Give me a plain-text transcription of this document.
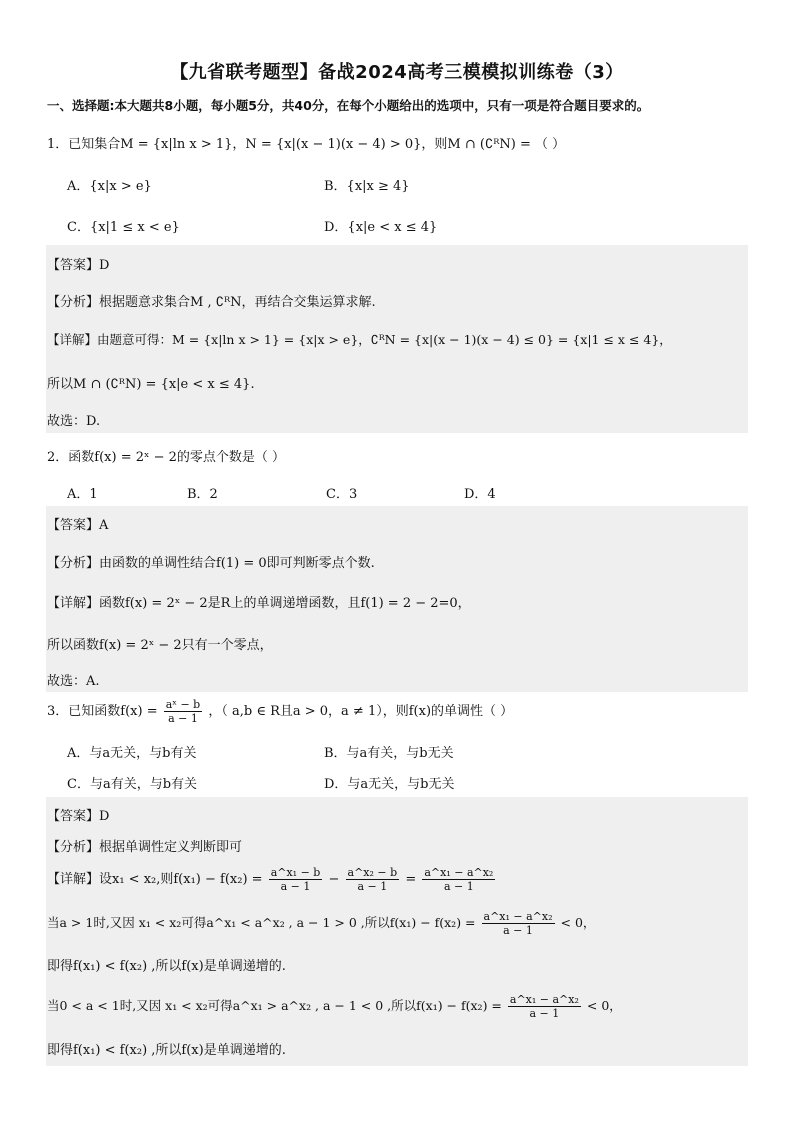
【九省联考题型】备战2024高考三模模拟训练卷（3）
一、选择题:本大题共8小题，每小题5分，共40分，在每个小题给出的选项中，只有一项是符合题目要求的。
1．已知集合M = {x|ln x > 1}，N = {x|(x − 1)(x − 4) > 0}，则M ∩ (∁ᴿN) = （ ）
A．{x|x > e}	B．{x|x ≥ 4}
C．{x|1 ≤ x < e}	D．{x|e < x ≤ 4}
【答案】D
【分析】根据题意求集合M , ∁ᴿN，再结合交集运算求解.
【详解】由题意可得：M = {x|ln x > 1} = {x|x > e}，∁ᴿN = {x|(x − 1)(x − 4) ≤ 0} = {x|1 ≤ x ≤ 4}，
所以M ∩ (∁ᴿN) = {x|e < x ≤ 4}.
故选：D.
2．函数f(x) = 2ˣ − 2的零点个数是（ ）
A．1	B．2	C．3	D．4
【答案】A
【分析】由函数的单调性结合f(1) = 0即可判断零点个数.
【详解】函数f(x) = 2ˣ − 2是R上的单调递增函数，且f(1) = 2 − 2=0，
所以函数f(x) = 2ˣ − 2只有一个零点，
故选：A.
3．已知函数$f(x) = \frac{\text{aˣ − b}}{a - 1}$ ，（ a,b ∈ R且a > 0，a ≠ 1），则f(x)的单调性（ ）
A．与a无关，与b有关	B．与a有关，与b无关
C．与a有关，与b有关	D．与a无关，与b无关
【答案】D
【分析】根据单调性定义判断即可
【详解】设x₁ < x₂,则$f(x_1) - f(x_2) = \frac{\text{a\textasciicircum{}x₁ − b}}{a - 1} - \frac{\text{a\textasciicircum{}x₂ − b}}{a - 1} = \frac{\text{a\textasciicircum{}x₁ − a\textasciicircum{}x₂}}{a - 1}$
当a > 1时,又因 x₁ < x₂可得a^x₁ < a^x₂ , a − 1 > 0 ,所以$f(x_1) - f(x_2) = \frac{\text{a\textasciicircum{}x₁ − a\textasciicircum{}x₂}}{a - 1} < 0$，
即得f(x₁) < f(x₂) ,所以f(x)是单调递增的.
当0 < a < 1时,又因 x₁ < x₂可得a^x₁ > a^x₂ , a − 1 < 0 ,所以$f(x_1) - f(x_2) = \frac{\text{a\textasciicircum{}x₁ − a\textasciicircum{}x₂}}{a - 1} < 0$，
即得f(x₁) < f(x₂) ,所以f(x)是单调递增的.
